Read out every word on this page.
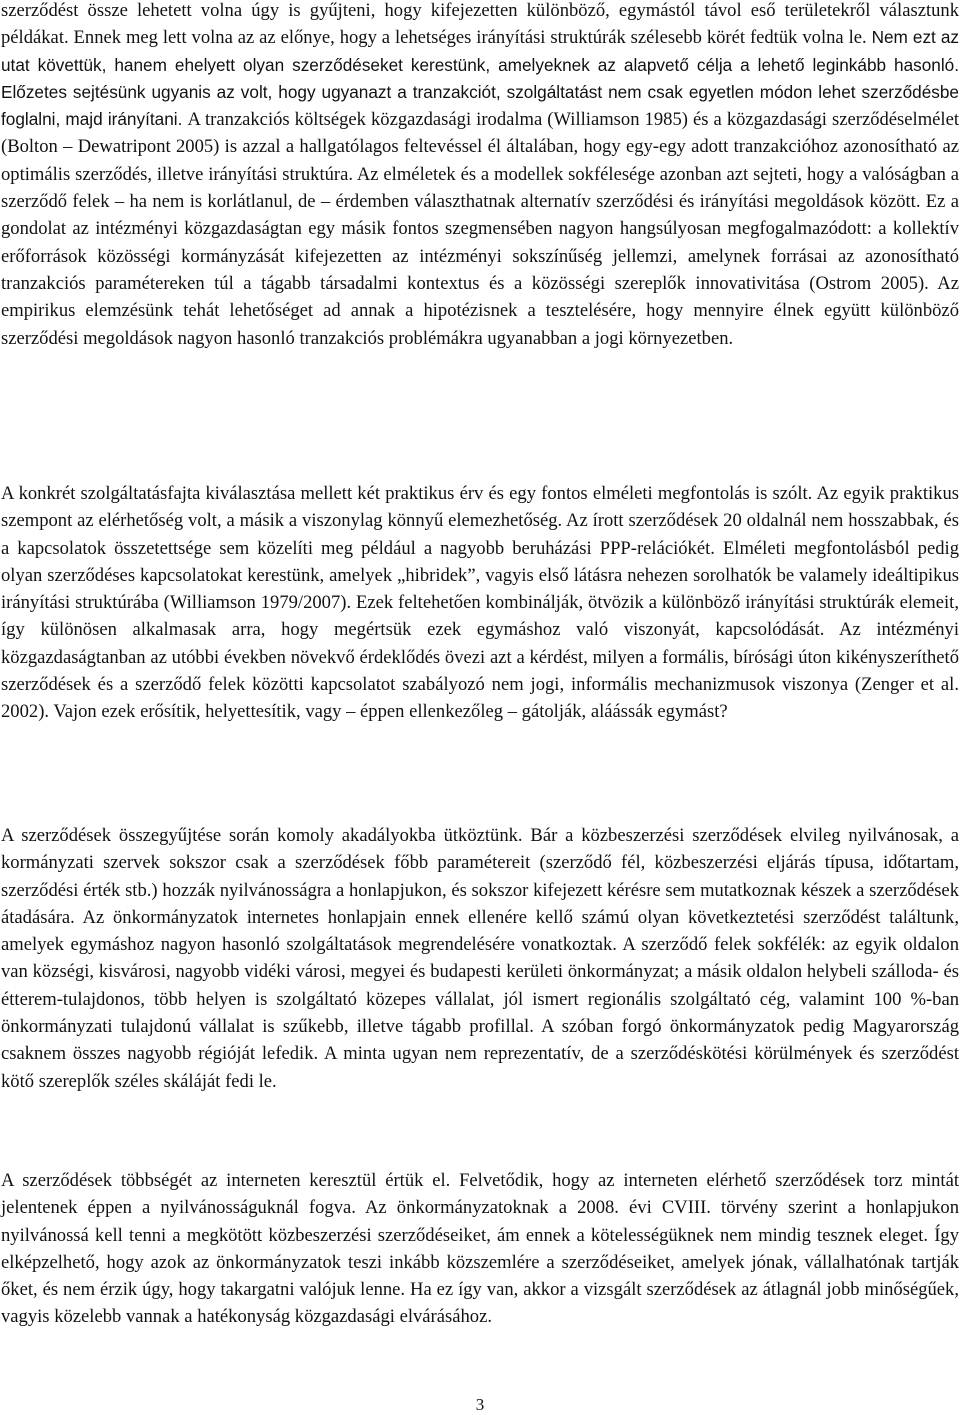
szerződést össze lehetett volna úgy is gyűjteni, hogy kifejezetten különböző, egymástól távol eső területekről választunk példákat. Ennek meg lett volna az az előnye, hogy a lehetséges irányítási struktúrák szélesebb körét fedtük volna le. Nem ezt az utat követtük, hanem ehelyett olyan szerződéseket kerestünk, amelyeknek az alapvető célja a lehető leginkább hasonló. Előzetes sejtésünk ugyanis az volt, hogy ugyanazt a tranzakciót, szolgáltatást nem csak egyetlen módon lehet szerződésbe foglalni, majd irányítani. A tranzakciós költségek közgazdasági irodalma (Williamson 1985) és a közgazdasági szerződéselmélet (Bolton – Dewatripont 2005) is azzal a hallgatólagos feltevéssel él általában, hogy egy-egy adott tranzakcióhoz azonosítható az optimális szerződés, illetve irányítási struktúra. Az elméletek és a modellek sokfélesége azonban azt sejteti, hogy a valóságban a szerződő felek – ha nem is korlátlanul, de – érdemben választhatnak alternatív szerződési és irányítási megoldások között. Ez a gondolat az intézményi közgazdaságtan egy másik fontos szegmensében nagyon hangsúlyosan megfogalmazódott: a kollektív erőforrások közösségi kormányzását kifejezetten az intézményi sokszínűség jellemzi, amelynek forrásai az azonosítható tranzakciós paramétereken túl a tágabb társadalmi kontextus és a közösségi szereplők innovativitása (Ostrom 2005). Az empirikus elemzésünk tehát lehetőséget ad annak a hipotézisnek a tesztelésére, hogy mennyire élnek együtt különböző szerződési megoldások nagyon hasonló tranzakciós problémákra ugyanabban a jogi környezetben.

A konkrét szolgáltatásfajta kiválasztása mellett két praktikus érv és egy fontos elméleti megfontolás is szólt. Az egyik praktikus szempont az elérhetőség volt, a másik a viszonylag könnyű elemezhetőség. Az írott szerződések 20 oldalnál nem hosszabbak, és a kapcsolatok összetettsége sem közelíti meg például a nagyobb beruházási PPP-relációkét. Elméleti megfontolásból pedig olyan szerződéses kapcsolatokat kerestünk, amelyek „hibridek”, vagyis első látásra nehezen sorolhatók be valamely ideáltipikus irányítási struktúrába (Williamson 1979/2007). Ezek feltehetően kombinálják, ötvözik a különböző irányítási struktúrák elemeit, így különösen alkalmasak arra, hogy megértsük ezek egymáshoz való viszonyát, kapcsolódását. Az intézményi közgazdaságtanban az utóbbi években növekvő érdeklődés övezi azt a kérdést, milyen a formális, bírósági úton kikényszeríthető szerződések és a szerződő felek közötti kapcsolatot szabályozó nem jogi, informális mechanizmusok viszonya (Zenger et al. 2002). Vajon ezek erősítik, helyettesítik, vagy – éppen ellenkezőleg – gátolják, aláássák egymást?

A szerződések összegyűjtése során komoly akadályokba ütköztünk. Bár a közbeszerzési szerződések elvileg nyilvánosak, a kormányzati szervek sokszor csak a szerződések főbb paramétereit (szerződő fél, közbeszerzési eljárás típusa, időtartam, szerződési érték stb.) hozzák nyilvánosságra a honlapjukon, és sokszor kifejezett kérésre sem mutatkoznak készek a szerződések átadására. Az önkormányzatok internetes honlapjain ennek ellenére kellő számú olyan következtetési szerződést találtunk, amelyek egymáshoz nagyon hasonló szolgáltatások megrendelésére vonatkoztak. A szerződő felek sokfélék: az egyik oldalon van községi, kisvárosi, nagyobb vidéki városi, megyei és budapesti kerületi önkormányzat; a másik oldalon helybeli szálloda- és étterem-tulajdonos, több helyen is szolgáltató közepes vállalat, jól ismert regionális szolgáltató cég, valamint 100 %-ban önkormányzati tulajdonú vállalat is szűkebb, illetve tágabb profillal. A szóban forgó önkormányzatok pedig Magyarország csaknem összes nagyobb régióját lefedik. A minta ugyan nem reprezentatív, de a szerződéskötési körülmények és szerződést kötő szereplők széles skáláját fedi le.

A szerződések többségét az interneten keresztül értük el. Felvetődik, hogy az interneten elérhető szerződések torz mintát jelentenek éppen a nyilvánosságuknál fogva. Az önkormányzatoknak a 2008. évi CVIII. törvény szerint a honlapjukon nyilvánossá kell tenni a megkötött közbeszerzési szerződéseiket, ám ennek a kötelességüknek nem mindig tesznek eleget. Így elképzelhető, hogy azok az önkormányzatok teszi inkább közszemlére a szerződéseiket, amelyek jónak, vállalhatónak tartják őket, és nem érzik úgy, hogy takargatni valójuk lenne. Ha ez így van, akkor a vizsgált szerződések az átlagnál jobb minőségűek, vagyis közelebb vannak a hatékonyság közgazdasági elvárásához.

3
